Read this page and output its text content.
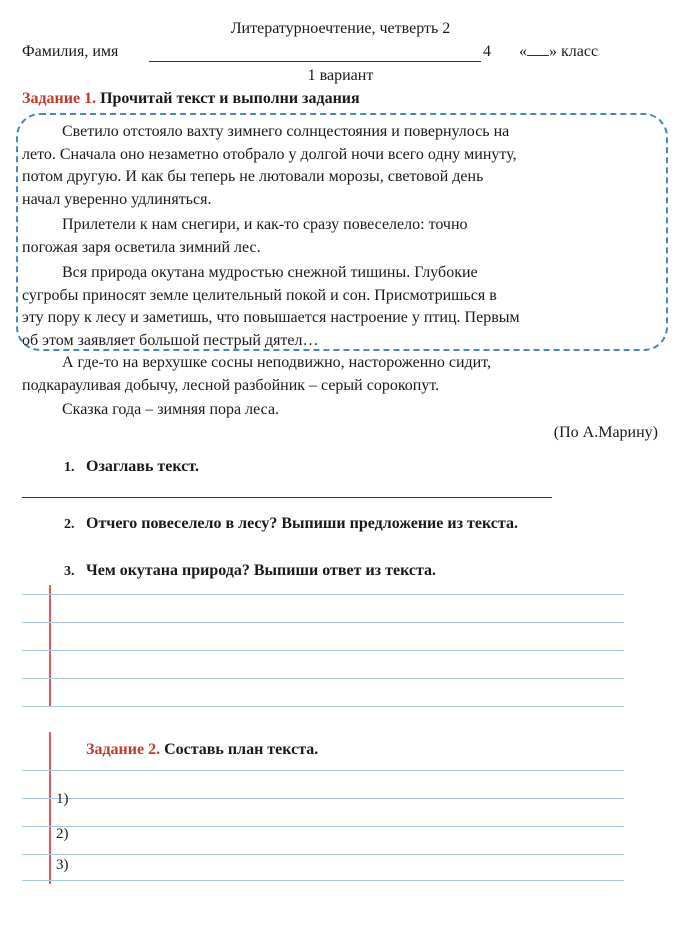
Литературноечтение, четверть 2
Фамилия, имя	4 « » класс
1 вариант
Задание 1. Прочитай текст и выполни задания
Светило отстояло вахту зимнего солнцестояния и повернулось на
лето. Сначала оно незаметно отобрало у долгой ночи всего одну минуту,
потом другую. И как бы теперь не лютовали морозы, световой день
начал уверенно удлиняться.
Прилетели к нам снегири, и как-то сразу повеселело: точно
погожая заря осветила зимний лес.
Вся природа окутана мудростью снежной тишины. Глубокие
сугробы приносят земле целительный покой и сон. Присмотришься в
эту пору к лесу и заметишь, что повышается настроение у птиц. Первым
об этом заявляет большой пестрый дятел…
А где-то на верхушке сосны неподвижно, настороженно сидит,
подкарауливая добычу, лесной разбойник – серый сорокопут.
Сказка года – зимняя пора леса.
(По А.Марину)
1. Озаглавь текст.
2. Отчего повеселело в лесу? Выпиши предложение из текста.
3. Чем окутана природа? Выпиши ответ из текста.
Задание 2. Составь план текста.
1)
2)
3)
